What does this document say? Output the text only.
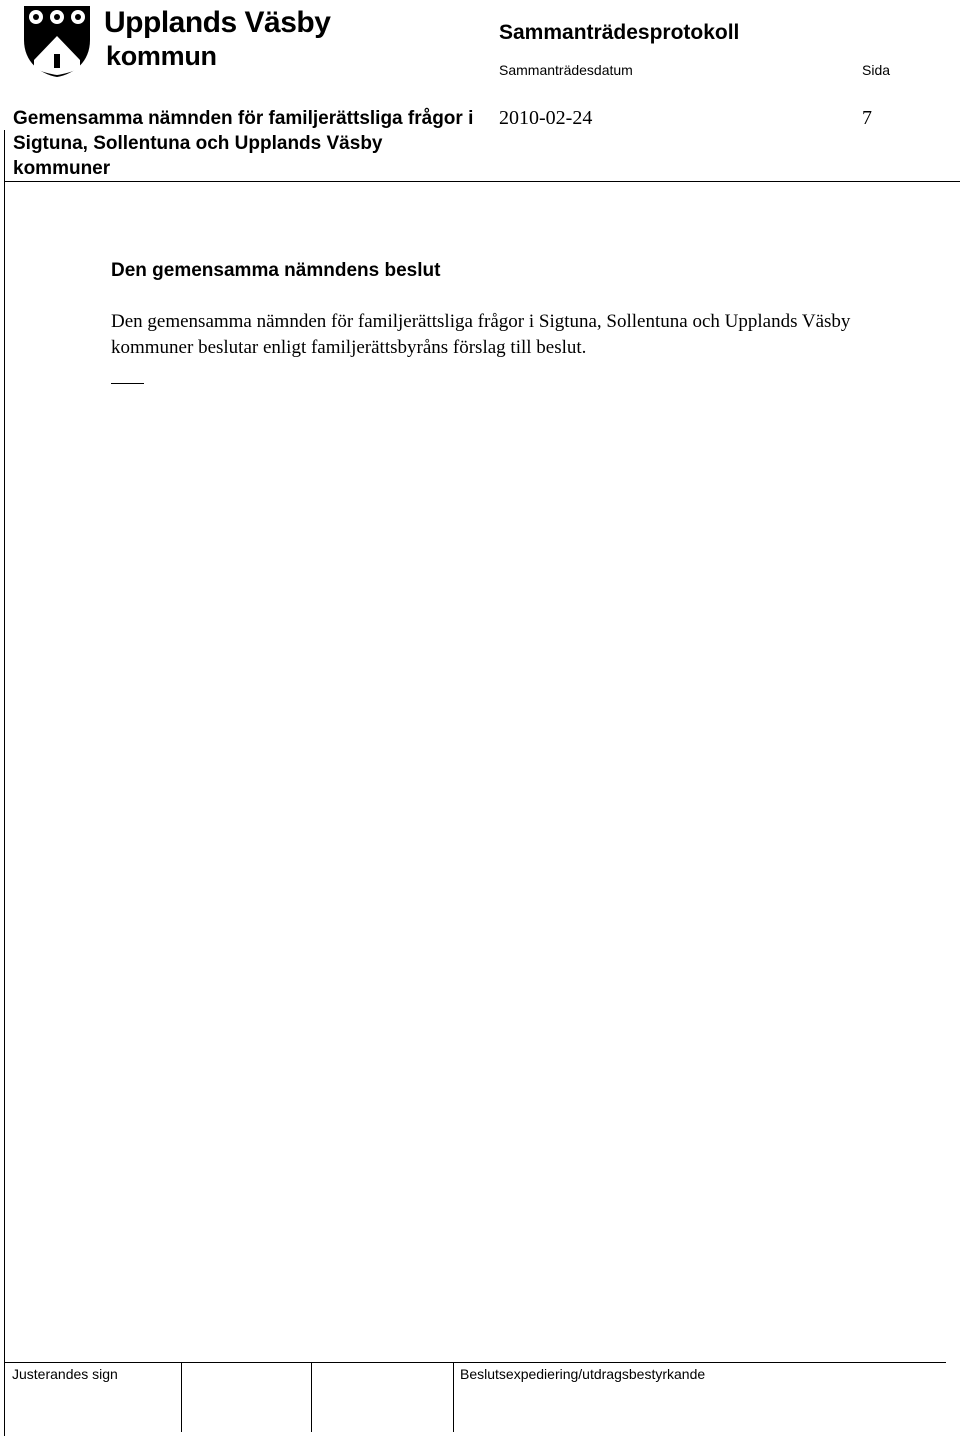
Upplands Väsby
kommun
Sammanträdesprotokoll
Sammanträdesdatum	Sida
Gemensamma nämnden för familjerättsliga frågor i Sigtuna, Sollentuna och Upplands Väsby kommuner
2010-02-24	7
Den gemensamma nämndens beslut
Den gemensamma nämnden för familjerättsliga frågor i Sigtuna, Sollentuna och Upplands Väsby kommuner beslutar enligt familjerättsbyråns förslag till beslut.
Justerandes sign	Beslutsexpediering/utdragsbestyrkande
